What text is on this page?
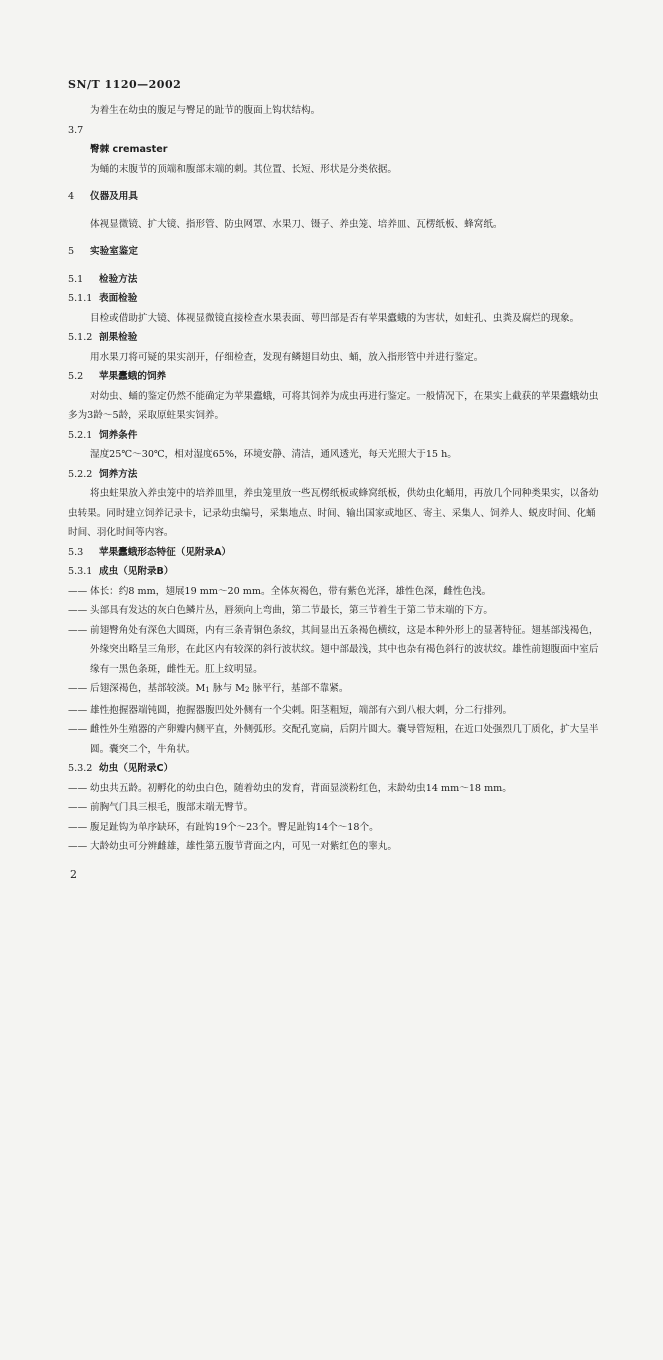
SN/T 1120—2002

为着生在幼虫的腹足与臀足的趾节的腹面上钩状结构。

3.7

臀棘 cremaster

为蛹的末腹节的顶端和腹部末端的刺。其位置、长短、形状是分类依据。

4 仪器及用具

体视显微镜、扩大镜、指形管、防虫网罩、水果刀、镊子、养虫笼、培养皿、瓦楞纸板、蜂窝纸。

5 实验室鉴定

5.1 检验方法

5.1.1 表面检验

目检或借助扩大镜、体视显微镜直接检查水果表面、萼凹部是否有苹果蠹蛾的为害状，如蛀孔、虫粪及腐烂的现象。

5.1.2 剖果检验

用水果刀将可疑的果实剖开，仔细检查，发现有鳞翅目幼虫、蛹，放入指形管中并进行鉴定。

5.2 苹果蠹蛾的饲养

对幼虫、蛹的鉴定仍然不能确定为苹果蠹蛾，可将其饲养为成虫再进行鉴定。一般情况下，在果实上截获的苹果蠹蛾幼虫多为3龄～5龄，采取原蛀果实饲养。

5.2.1 饲养条件

湿度25℃～30℃，相对湿度65%，环境安静、清洁，通风透光，每天光照大于15 h。

5.2.2 饲养方法

将虫蛀果放入养虫笼中的培养皿里，养虫笼里放一些瓦楞纸板或蜂窝纸板，供幼虫化蛹用，再放几个同种类果实，以备幼虫转果。同时建立饲养记录卡，记录幼虫编号，采集地点、时间、输出国家或地区、寄主、采集人、饲养人、蜕皮时间、化蛹时间、羽化时间等内容。

5.3 苹果蠹蛾形态特征（见附录A）

5.3.1 成虫（见附录B）

—— 体长：约8 mm，翅展19 mm～20 mm。全体灰褐色，带有紫色光泽，雄性色深，雌性色浅。
—— 头部具有发达的灰白色鳞片丛，唇须向上弯曲，第二节最长，第三节着生于第二节末端的下方。
—— 前翅臀角处有深色大圆斑，内有三条青铜色条纹，其间显出五条褐色横纹，这是本种外形上的显著特征。翅基部浅褐色，外缘突出略呈三角形，在此区内有较深的斜行波状纹。翅中部最浅，其中也杂有褐色斜行的波状纹。雄性前翅腹面中室后缘有一黑色条斑，雌性无。肛上纹明显。
—— 后翅深褐色，基部较淡。M1 脉与 M2 脉平行，基部不靠紧。
—— 雄性抱握器端钝圆，抱握器腹凹处外侧有一个尖刺。阳茎粗短，端部有六到八根大刺，分二行排列。
—— 雌性外生殖器的产卵瓣内侧平直，外侧弧形。交配孔宽扁，后阴片圆大。囊导管短粗，在近口处强烈几丁质化，扩大呈半圆。囊突二个，牛角状。

5.3.2 幼虫（见附录C）

—— 幼虫共五龄。初孵化的幼虫白色，随着幼虫的发育，背面显淡粉红色，末龄幼虫14 mm～18 mm。
—— 前胸气门具三根毛，腹部末端无臀节。
—— 腹足趾钩为单序缺环，有趾钩19个～23个。臀足趾钩14个～18个。
—— 大龄幼虫可分辨雌雄，雄性第五腹节背面之内，可见一对紫红色的睾丸。
2
